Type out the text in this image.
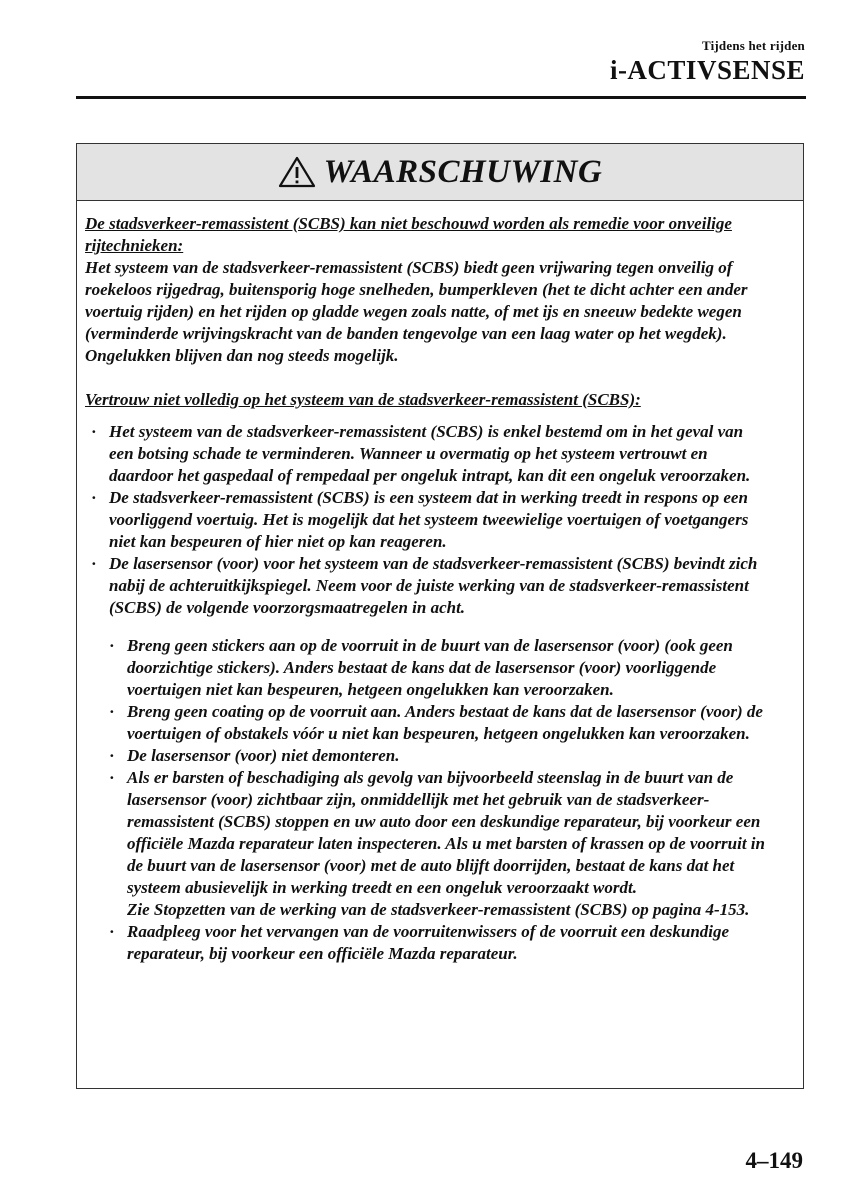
Tijdens het rijden
i-ACTIVSENSE
WAARSCHUWING

De stadsverkeer-remassistent (SCBS) kan niet beschouwd worden als remedie voor onveilige rijtechnieken:

Het systeem van de stadsverkeer-remassistent (SCBS) biedt geen vrijwaring tegen onveilig of roekeloos rijgedrag, buitensporig hoge snelheden, bumperkleven (het te dicht achter een ander voertuig rijden) en het rijden op gladde wegen zoals natte, of met ijs en sneeuw bedekte wegen (verminderde wrijvingskracht van de banden tengevolge van een laag water op het wegdek). Ongelukken blijven dan nog steeds mogelijk.

Vertrouw niet volledig op het systeem van de stadsverkeer-remassistent (SCBS):

· Het systeem van de stadsverkeer-remassistent (SCBS) is enkel bestemd om in het geval van een botsing schade te verminderen. Wanneer u overmatig op het systeem vertrouwt en daardoor het gaspedaal of rempedaal per ongeluk intrapt, kan dit een ongeluk veroorzaken.
· De stadsverkeer-remassistent (SCBS) is een systeem dat in werking treedt in respons op een voorliggend voertuig. Het is mogelijk dat het systeem tweewielige voertuigen of voetgangers niet kan bespeuren of hier niet op kan reageren.
· De lasersensor (voor) voor het systeem van de stadsverkeer-remassistent (SCBS) bevindt zich nabij de achteruitkijkspiegel. Neem voor de juiste werking van de stadsverkeer-remassistent (SCBS) de volgende voorzorgsmaatregelen in acht.
· Breng geen stickers aan op de voorruit in de buurt van de lasersensor (voor) (ook geen doorzichtige stickers). Anders bestaat de kans dat de lasersensor (voor) voorliggende voertuigen niet kan bespeuren, hetgeen ongelukken kan veroorzaken.
· Breng geen coating op de voorruit aan. Anders bestaat de kans dat de lasersensor (voor) de voertuigen of obstakels vóór u niet kan bespeuren, hetgeen ongelukken kan veroorzaken.
· De lasersensor (voor) niet demonteren.
· Als er barsten of beschadiging als gevolg van bijvoorbeeld steenslag in de buurt van de lasersensor (voor) zichtbaar zijn, onmiddellijk met het gebruik van de stadsverkeer-remassistent (SCBS) stoppen en uw auto door een deskundige reparateur, bij voorkeur een officiële Mazda reparateur laten inspecteren. Als u met barsten of krassen op de voorruit in de buurt van de lasersensor (voor) met de auto blijft doorrijden, bestaat de kans dat het systeem abusievelijk in werking treedt en een ongeluk veroorzaakt wordt.
Zie Stopzetten van de werking van de stadsverkeer-remassistent (SCBS) op pagina 4-153.
· Raadpleeg voor het vervangen van de voorruitenwissers of de voorruit een deskundige reparateur, bij voorkeur een officiële Mazda reparateur.
4–149
